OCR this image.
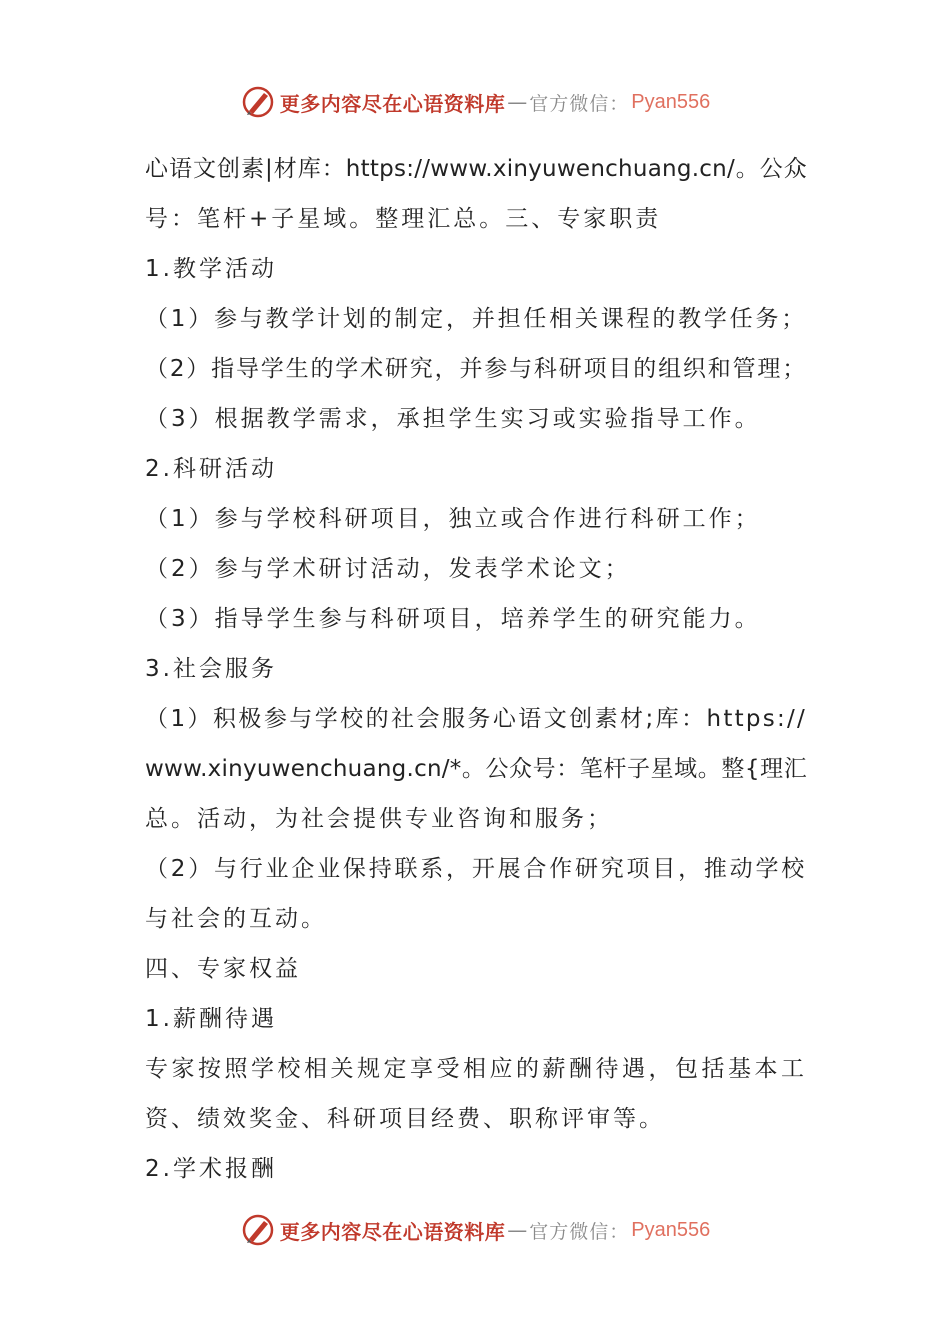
更多内容尽在心语资料库 — 官方微信： Pyan556
心语文创素|材库：https://www.xinyuwenchuang.cn/。公众
号：笔杆+子星域。整理汇总。三、专家职责
1.教学活动
（1）参与教学计划的制定，并担任相关课程的教学任务；
（2）指导学生的学术研究，并参与科研项目的组织和管理；
（3）根据教学需求，承担学生实习或实验指导工作。
2.科研活动
（1）参与学校科研项目，独立或合作进行科研工作；
（2）参与学术研讨活动，发表学术论文；
（3）指导学生参与科研项目，培养学生的研究能力。
3.社会服务
（1）积极参与学校的社会服务心语文创素材;库：https://
www.xinyuwenchuang.cn/*。公众号：笔杆子星域。整{理汇
总。活动，为社会提供专业咨询和服务；
（2）与行业企业保持联系，开展合作研究项目，推动学校
与社会的互动。
四、专家权益
1.薪酬待遇
专家按照学校相关规定享受相应的薪酬待遇，包括基本工
资、绩效奖金、科研项目经费、职称评审等。
2.学术报酬
更多内容尽在心语资料库 — 官方微信： Pyan556
